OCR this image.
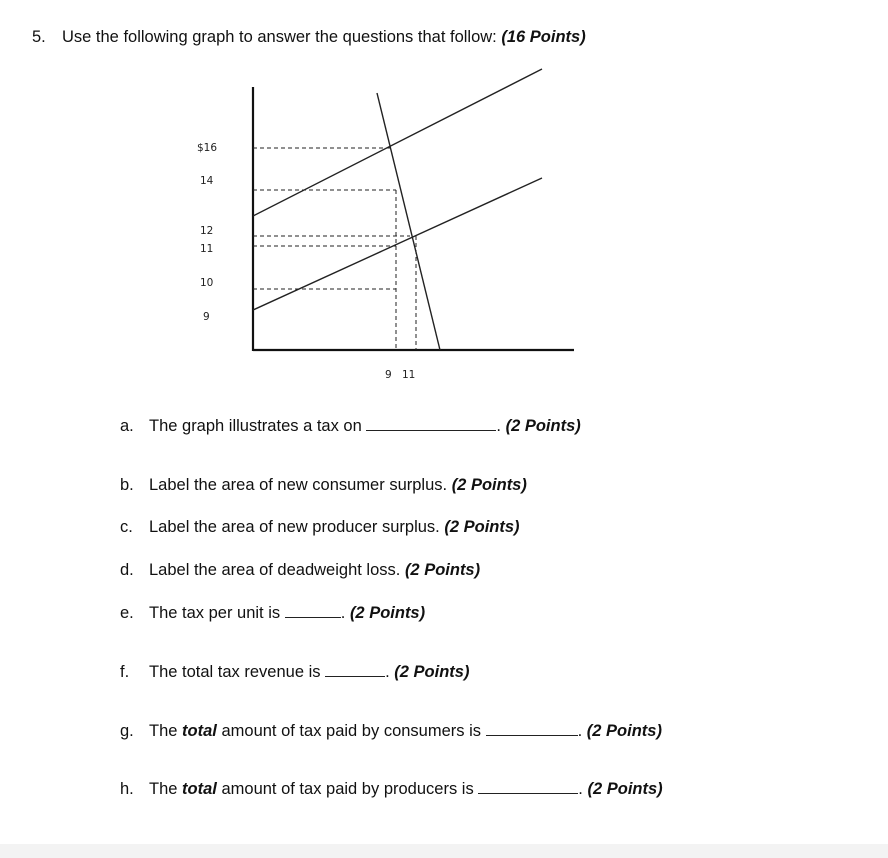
5. Use the following graph to answer the questions that follow: (16 Points)
$16
14
12
11
10
9
9 11
a. The graph illustrates a tax on	. (2 Points)
b. Label the area of new consumer surplus. (2 Points)
c. Label the area of new producer surplus. (2 Points)
d. Label the area of deadweight loss. (2 Points)
e. The tax per unit is	. (2 Points)
f. The total tax revenue is	. (2 Points)
g. The total amount of tax paid by consumers is	. (2 Points)
h. The total amount of tax paid by producers is	. (2 Points)
